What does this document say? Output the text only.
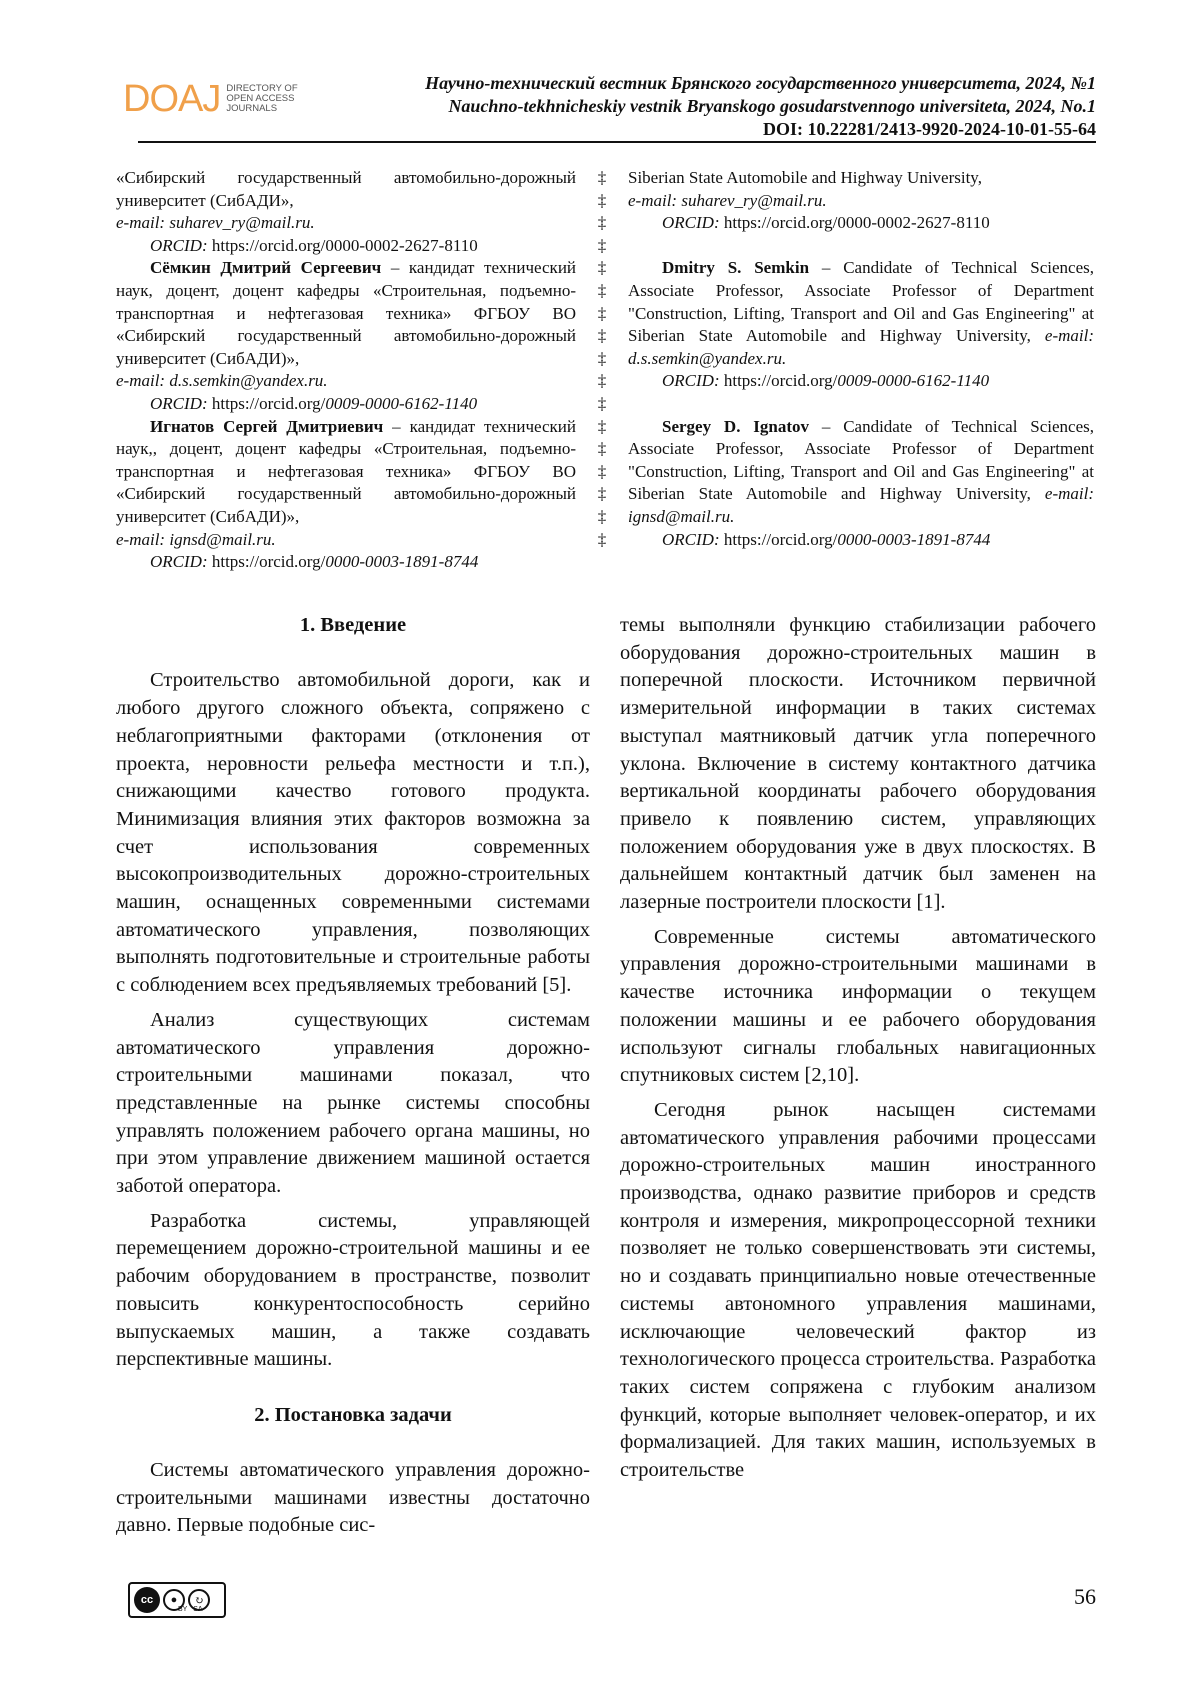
DOAJ DIRECTORY OF
OPEN ACCESS
JOURNALS
Научно-технический вестник Брянского государственного университета, 2024, №1
Nauchno-tekhnicheskiy vestnik Bryanskogo gosudarstvennogo universiteta, 2024, No.1
DOI: 10.22281/2413-9920-2024-10-01-55-64

«Сибирский государственный автомобильно-дорожный университет (СибАДИ»,

e-mail: suharev_ry@mail.ru.

ORCID: https://orcid.org/0000-0002-2627-8110

Сёмкин Дмитрий Сергеевич – кандидат технический наук, доцент, доцент кафедры «Строительная, подъемно-транспортная и нефтегазовая техника» ФГБОУ ВО «Сибирский государственный автомобильно-дорожный университет (СибАДИ)»,

e-mail: d.s.semkin@yandex.ru.

ORCID: https://orcid.org/0009-0000-6162-1140

Игнатов Сергей Дмитриевич – кандидат технический наук,, доцент, доцент кафедры «Строительная, подъемно-транспортная и нефтегазовая техника» ФГБОУ ВО «Сибирский государственный автомобильно-дорожный университет (СибАДИ)»,

e-mail: ignsd@mail.ru.

ORCID: https://orcid.org/0000-0003-1891-8744

‡
‡
‡
‡
‡
‡
‡
‡
‡
‡
‡
‡
‡
‡
‡
‡
‡

Siberian State Automobile and Highway University,

e-mail: suharev_ry@mail.ru.

ORCID: https://orcid.org/0000-0002-2627-8110

Dmitry S. Semkin – Candidate of Technical Sciences, Associate Professor, Associate Professor of Department "Construction, Lifting, Transport and Oil and Gas Engineering" at Siberian State Automobile and Highway University, e-mail: d.s.semkin@yandex.ru.

ORCID: https://orcid.org/0009-0000-6162-1140

Sergey D. Ignatov – Candidate of Technical Sciences, Associate Professor, Associate Professor of Department "Construction, Lifting, Transport and Oil and Gas Engineering" at Siberian State Automobile and Highway University, e-mail: ignsd@mail.ru.

ORCID: https://orcid.org/0000-0003-1891-8744

1. Введение

Строительство автомобильной дороги, как и любого другого сложного объекта, сопряжено с неблагоприятными факторами (отклонения от проекта, неровности рельефа местности и т.п.), снижающими качество готового продукта. Минимизация влияния этих факторов возможна за счет использования современных высокопроизводительных дорожно-строительных машин, оснащенных современными системами автоматического управления, позволяющих выполнять подготовительные и строительные работы с соблюдением всех предъявляемых требований [5].

Анализ существующих системам автоматического управления дорожно-строительными машинами показал, что представленные на рынке системы способны управлять положением рабочего органа машины, но при этом управление движением машиной остается заботой оператора.

Разработка системы, управляющей перемещением дорожно-строительной машины и ее рабочим оборудованием в пространстве, позволит повысить конкурентоспособность серийно выпускаемых машин, а также создавать перспективные машины.

2. Постановка задачи

Системы автоматического управления дорожно-строительными машинами известны достаточно давно. Первые подобные сис-

темы выполняли функцию стабилизации рабочего оборудования дорожно-строительных машин в поперечной плоскости. Источником первичной измерительной информации в таких системах выступал маятниковый датчик угла поперечного уклона. Включение в систему контактного датчика вертикальной координаты рабочего оборудования привело к появлению систем, управляющих положением оборудования уже в двух плоскостях. В дальнейшем контактный датчик был заменен на лазерные построители плоскости [1].

Современные системы автоматического управления дорожно-строительными машинами в качестве источника информации о текущем положении машины и ее рабочего оборудования используют сигналы глобальных навигационных спутниковых систем [2,10].

Сегодня рынок насыщен системами автоматического управления рабочими процессами дорожно-строительных машин иностранного производства, однако развитие приборов и средств контроля и измерения, микропроцессорной техники позволяет не только совершенствовать эти системы, но и создавать принципиально новые отечественные системы автономного управления машинами, исключающие человеческий фактор из технологического процесса строительства. Разработка таких систем сопряжена с глубоким анализом функций, которые выполняет человек-оператор, и их формализацией. Для таких машин, используемых в строительстве

cc	●	↻
BY SA
56
